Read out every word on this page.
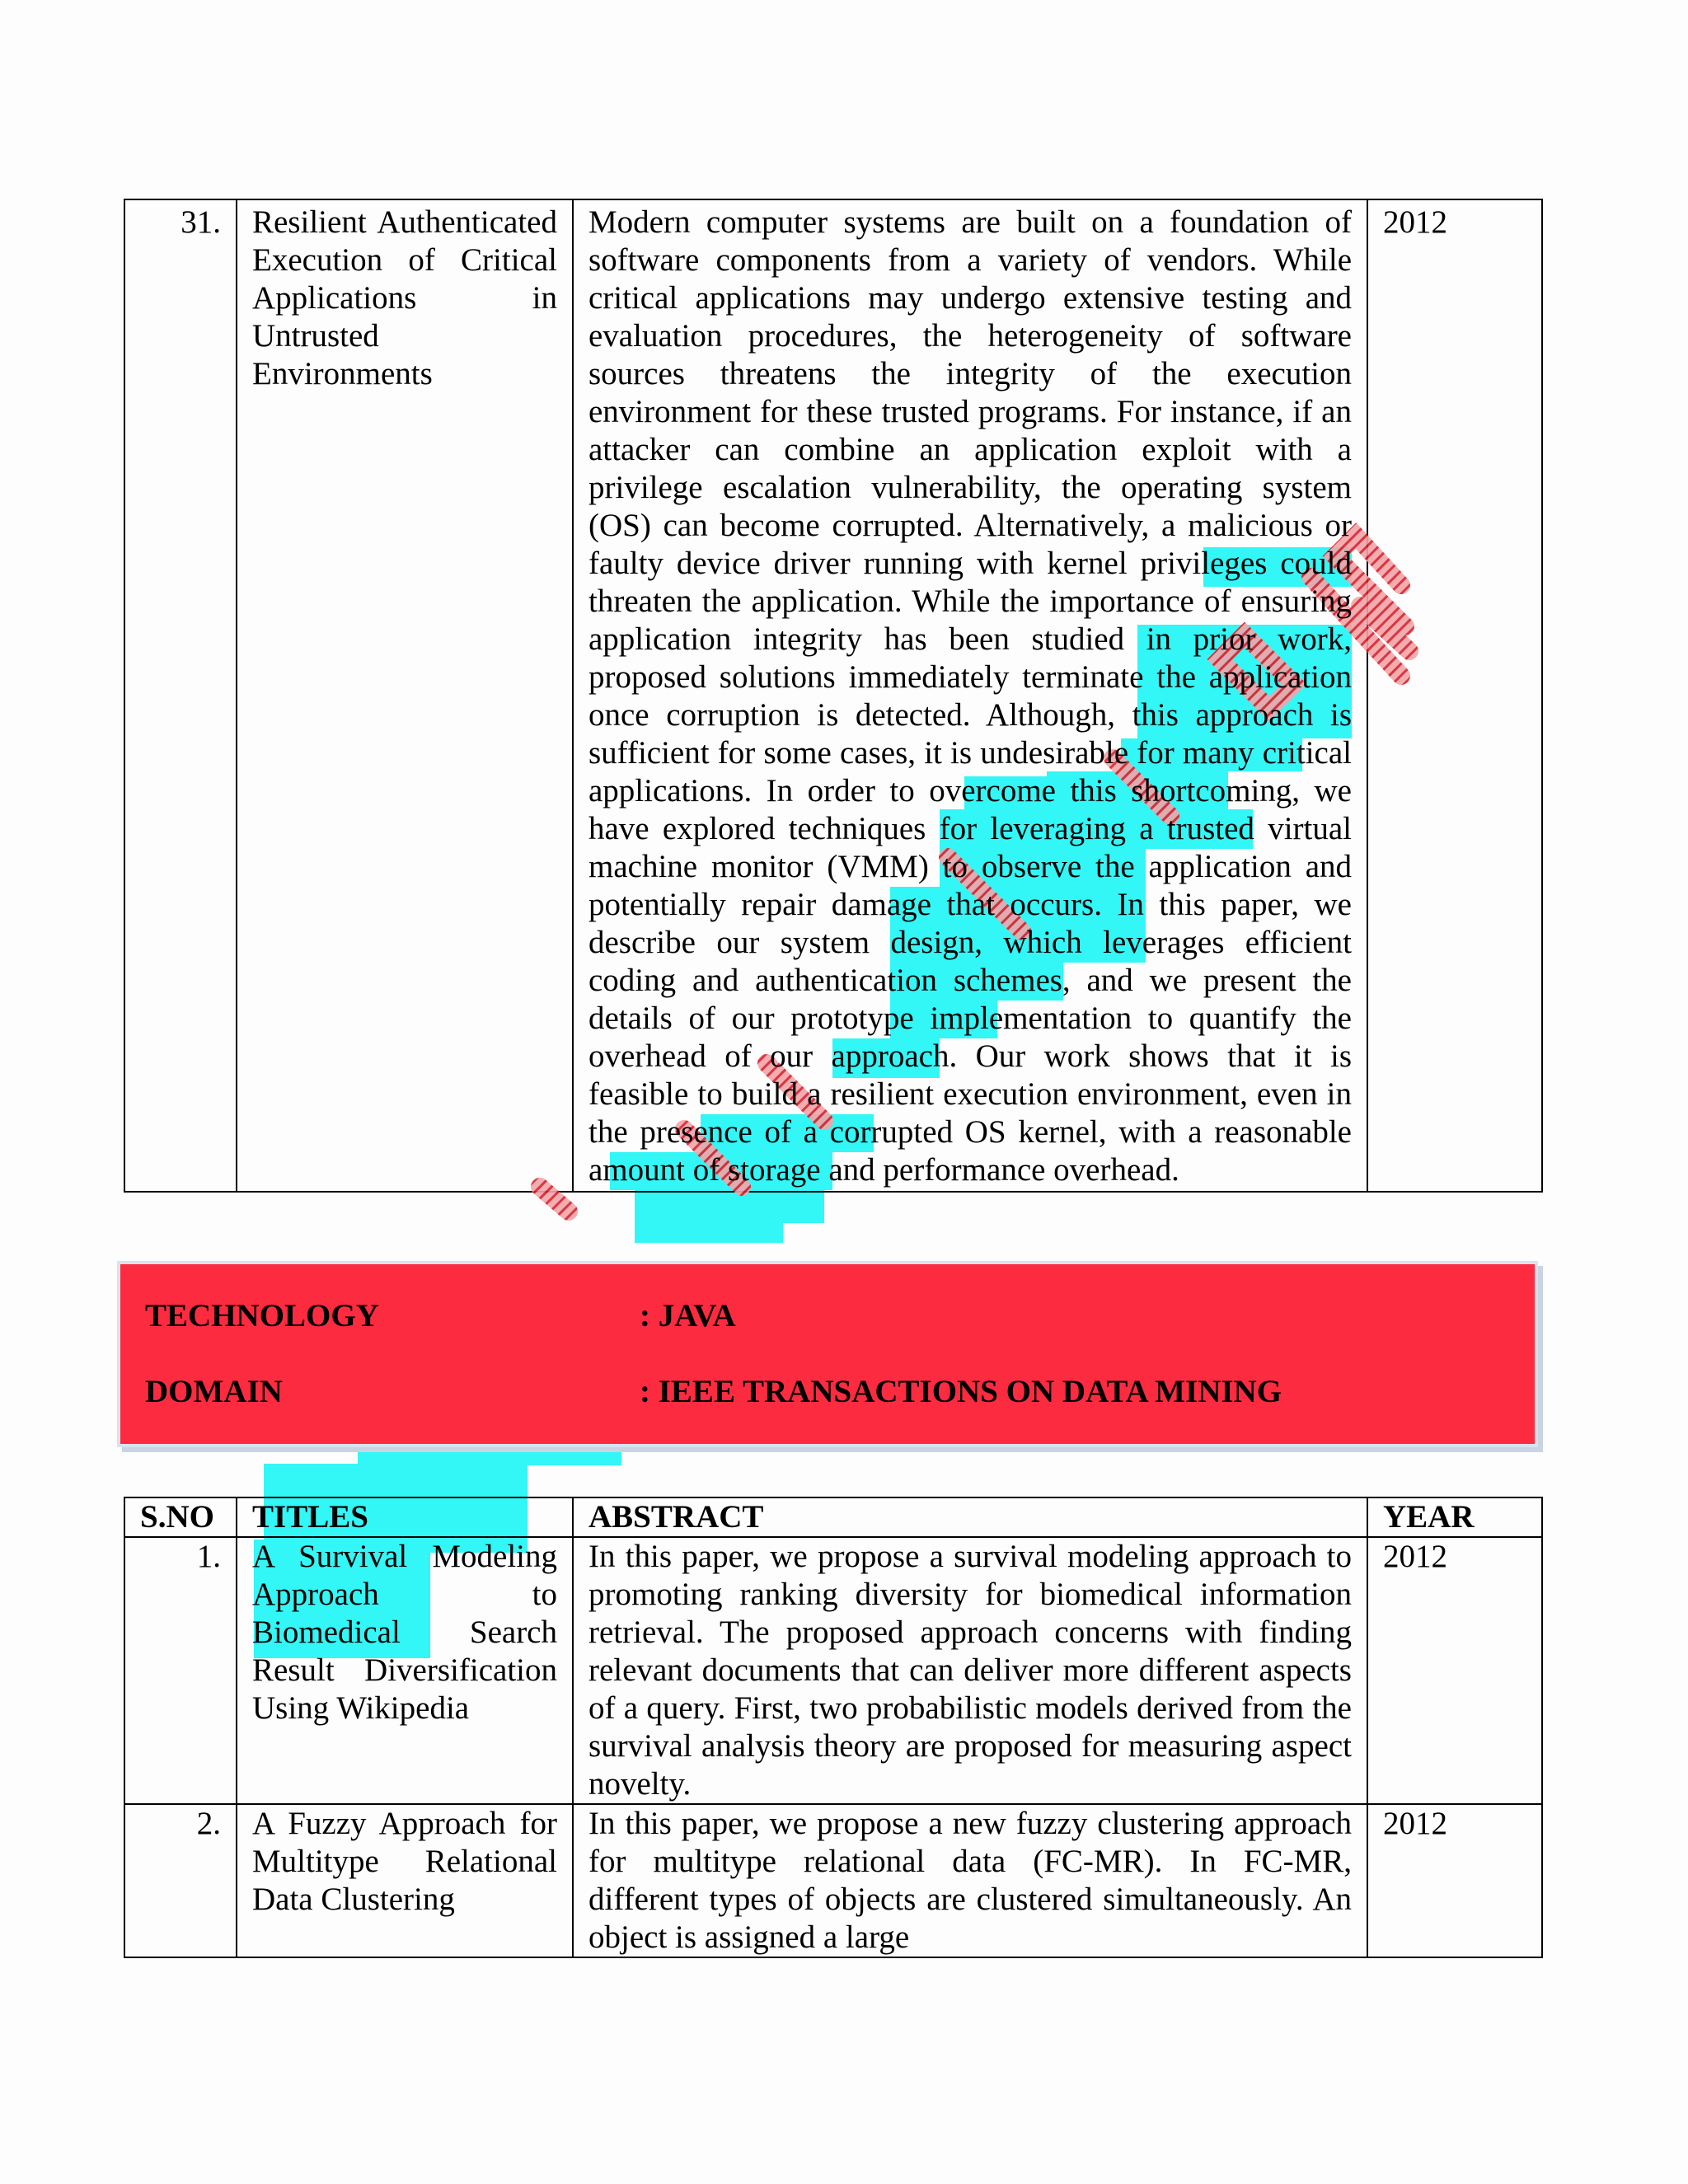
31.	Resilient Authenticated Execution of Critical Applications in Untrusted Environments	Modern computer systems are built on a foundation of software components from a variety of vendors. While critical applications may undergo extensive testing and evaluation procedures, the heterogeneity of software sources threatens the integrity of the execution environment for these trusted programs. For instance, if an attacker can combine an application exploit with a privilege escalation vulnerability, the operating system (OS) can become corrupted. Alternatively, a malicious or faulty device driver running with kernel privileges could threaten the application. While the importance of ensuring application integrity has been studied in prior work, proposed solutions immediately terminate the application once corruption is detected. Although, this approach is sufficient for some cases, it is undesirable for many critical applications. In order to overcome this shortcoming, we have explored techniques for leveraging a trusted virtual machine monitor (VMM) to observe the application and potentially repair damage that occurs. In this paper, we describe our system design, which leverages efficient coding and authentication schemes, and we present the details of our prototype implementation to quantify the overhead of our approach. Our work shows that it is feasible to build a resilient execution environment, even in the presence of a corrupted OS kernel, with a reasonable amount of storage and performance overhead.	2012
TECHNOLOGY	: JAVA
DOMAIN	: IEEE TRANSACTIONS ON DATA MINING
S.NO	TITLES	ABSTRACT	YEAR
1.	A Survival Modeling Approach to Biomedical Search Result Diversification Using Wikipedia	In this paper, we propose a survival modeling approach to promoting ranking diversity for biomedical information retrieval. The proposed approach concerns with finding relevant documents that can deliver more different aspects of a query. First, two probabilistic models derived from the survival analysis theory are proposed for measuring aspect novelty.	2012
2.	A Fuzzy Approach for Multitype Relational Data Clustering	In this paper, we propose a new fuzzy clustering approach for multitype relational data (FC-MR). In FC-MR, different types of objects are clustered simultaneously. An object is assigned a large	2012
